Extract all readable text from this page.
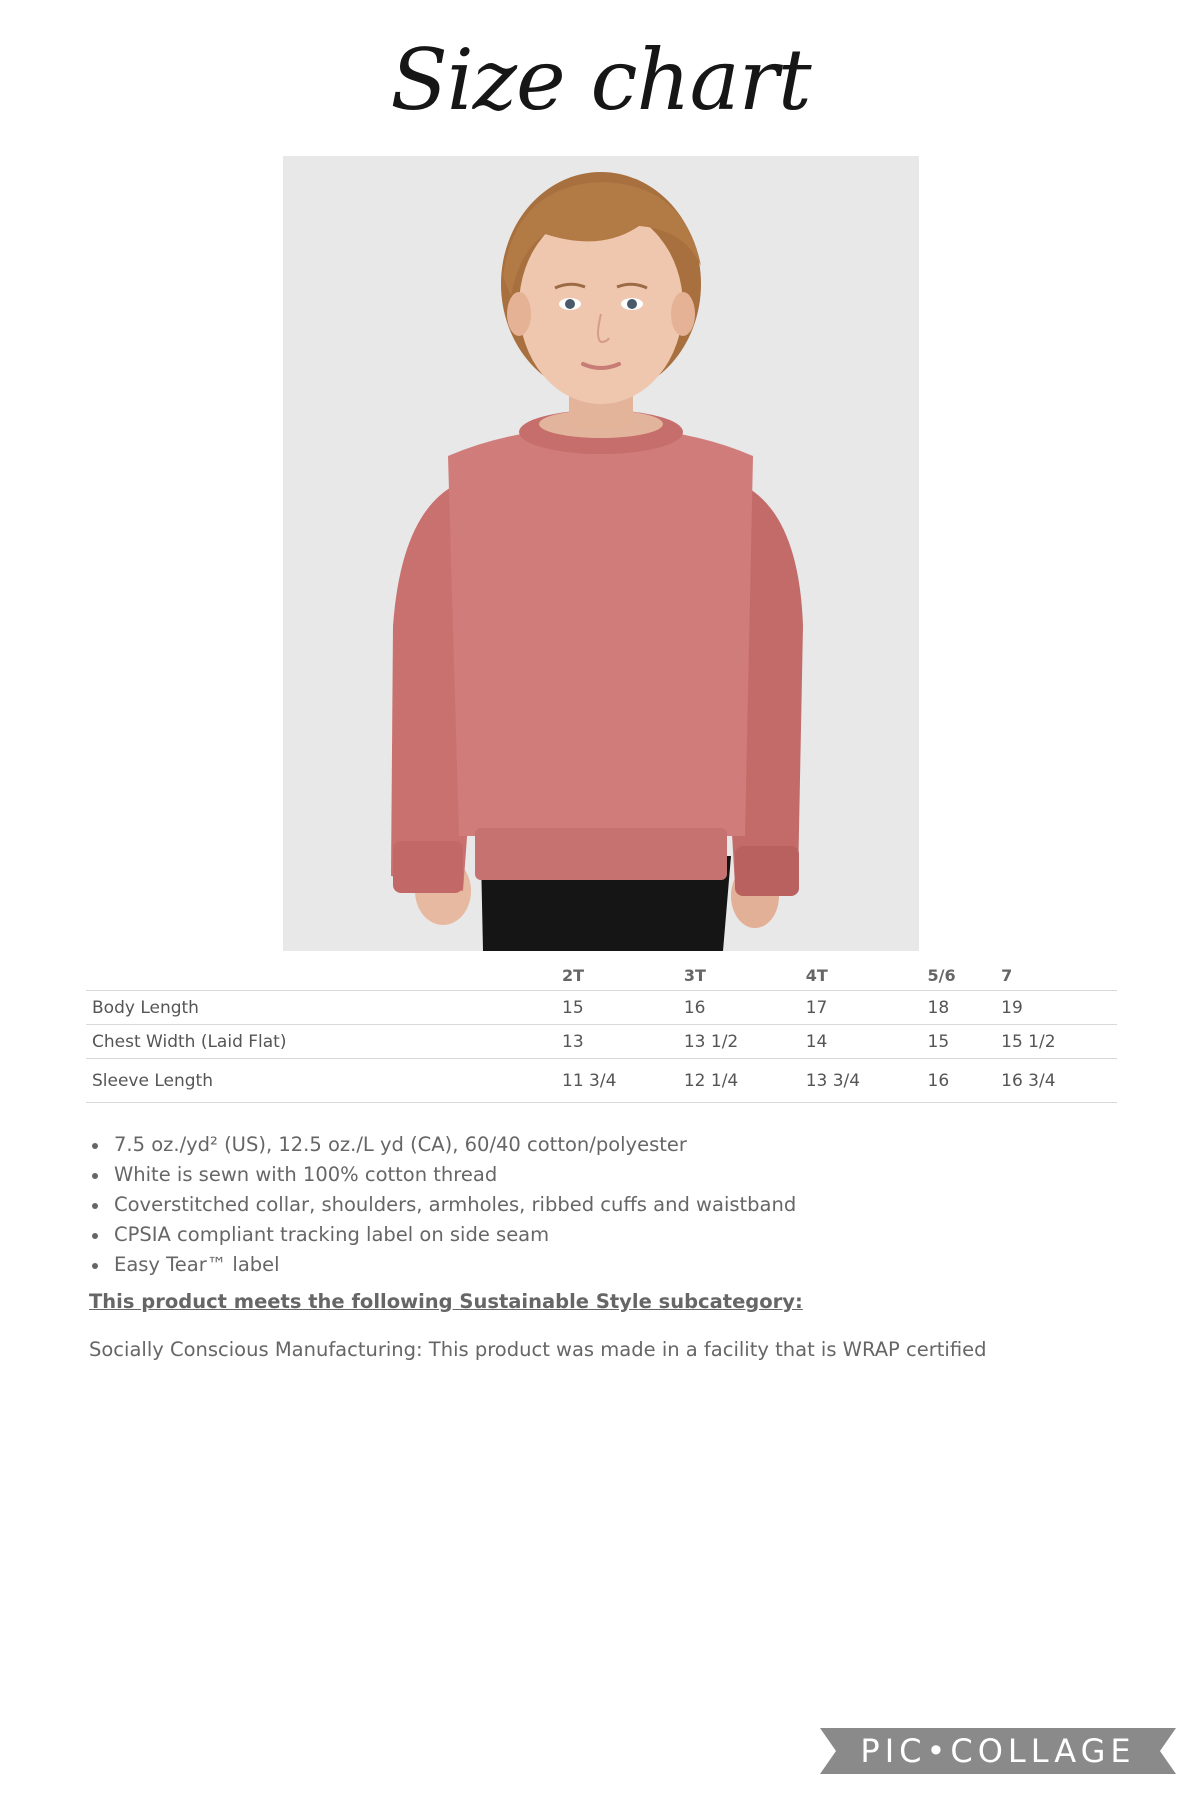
Size chart
	2T	3T	4T	5/6	7
Body Length	15	16	17	18	19
Chest Width (Laid Flat)	13	13 1/2	14	15	15 1/2
Sleeve Length	11 3/4	12 1/4	13 3/4	16	16 3/4
7.5 oz./yd² (US), 12.5 oz./L yd (CA), 60/40 cotton/polyester
White is sewn with 100% cotton thread
Coverstitched collar, shoulders, armholes, ribbed cuffs and waistband
CPSIA compliant tracking label on side seam
Easy Tear™ label
This product meets the following Sustainable Style subcategory:
Socially Conscious Manufacturing: This product was made in a facility that is WRAP certified
PIC•COLLAGE
